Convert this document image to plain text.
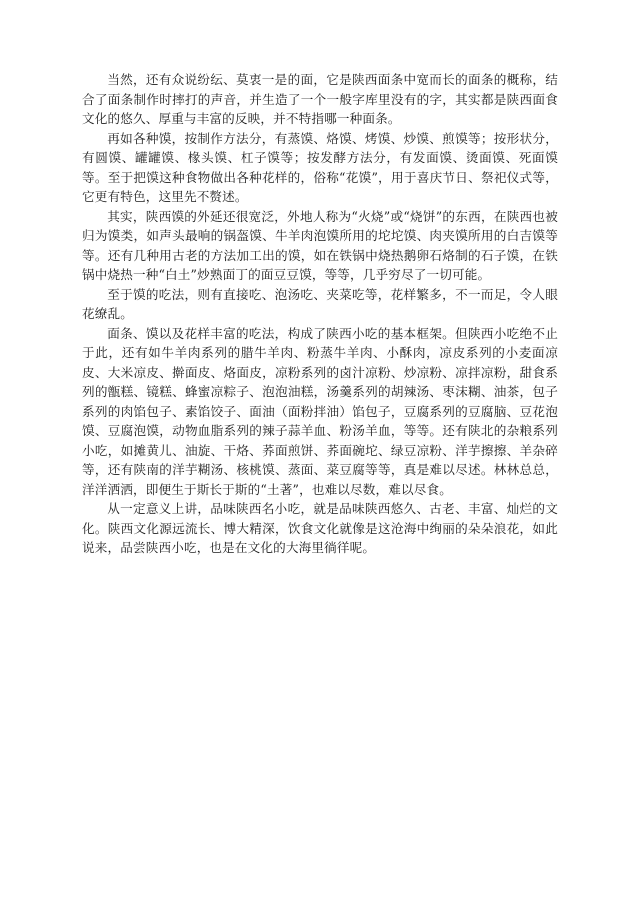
当然，还有众说纷纭、莫衷一是的面，它是陕西面条中宽而长的面条的概称，结合了面条制作时摔打的声音，并生造了一个一般字库里没有的字，其实都是陕西面食文化的悠久、厚重与丰富的反映，并不特指哪一种面条。

再如各种馍，按制作方法分，有蒸馍、烙馍、烤馍、炒馍、煎馍等；按形状分，有圆馍、罐罐馍、椽头馍、杠子馍等；按发酵方法分，有发面馍、烫面馍、死面馍等。至于把馍这种食物做出各种花样的，俗称“花馍”，用于喜庆节日、祭祀仪式等，它更有特色，这里先不赘述。

其实，陕西馍的外延还很宽泛，外地人称为“火烧”或“烧饼”的东西，在陕西也被归为馍类，如声头最响的锅盔馍、牛羊肉泡馍所用的坨坨馍、肉夹馍所用的白吉馍等等。还有几种用古老的方法加工出的馍，如在铁锅中烧热鹅卵石烙制的石子馍，在铁锅中烧热一种“白土”炒熟面丁的面豆豆馍，等等，几乎穷尽了一切可能。

至于馍的吃法，则有直接吃、泡汤吃、夹菜吃等，花样繁多，不一而足，令人眼花缭乱。

面条、馍以及花样丰富的吃法，构成了陕西小吃的基本框架。但陕西小吃绝不止于此，还有如牛羊肉系列的腊牛羊肉、粉蒸牛羊肉、小酥肉，凉皮系列的小麦面凉皮、大米凉皮、擀面皮、烙面皮，凉粉系列的卤汁凉粉、炒凉粉、凉拌凉粉，甜食系列的甑糕、镜糕、蜂蜜凉粽子、泡泡油糕，汤羹系列的胡辣汤、枣沫糊、油茶，包子系列的肉馅包子、素馅饺子、面油（面粉拌油）馅包子，豆腐系列的豆腐脑、豆花泡馍、豆腐泡馍，动物血脂系列的辣子蒜羊血、粉汤羊血，等等。还有陕北的杂粮系列小吃，如摊黄儿、油旋、干烙、荞面煎饼、荞面碗坨、绿豆凉粉、洋芋擦擦、羊杂碎等，还有陕南的洋芋糊汤、核桃馍、蒸面、菜豆腐等等，真是难以尽述。林林总总，洋洋洒洒，即便生于斯长于斯的“土著”，也难以尽数，难以尽食。

从一定意义上讲，品味陕西名小吃，就是品味陕西悠久、古老、丰富、灿烂的文化。陕西文化源远流长、博大精深，饮食文化就像是这沧海中绚丽的朵朵浪花，如此说来，品尝陕西小吃，也是在文化的大海里徜徉呢。
